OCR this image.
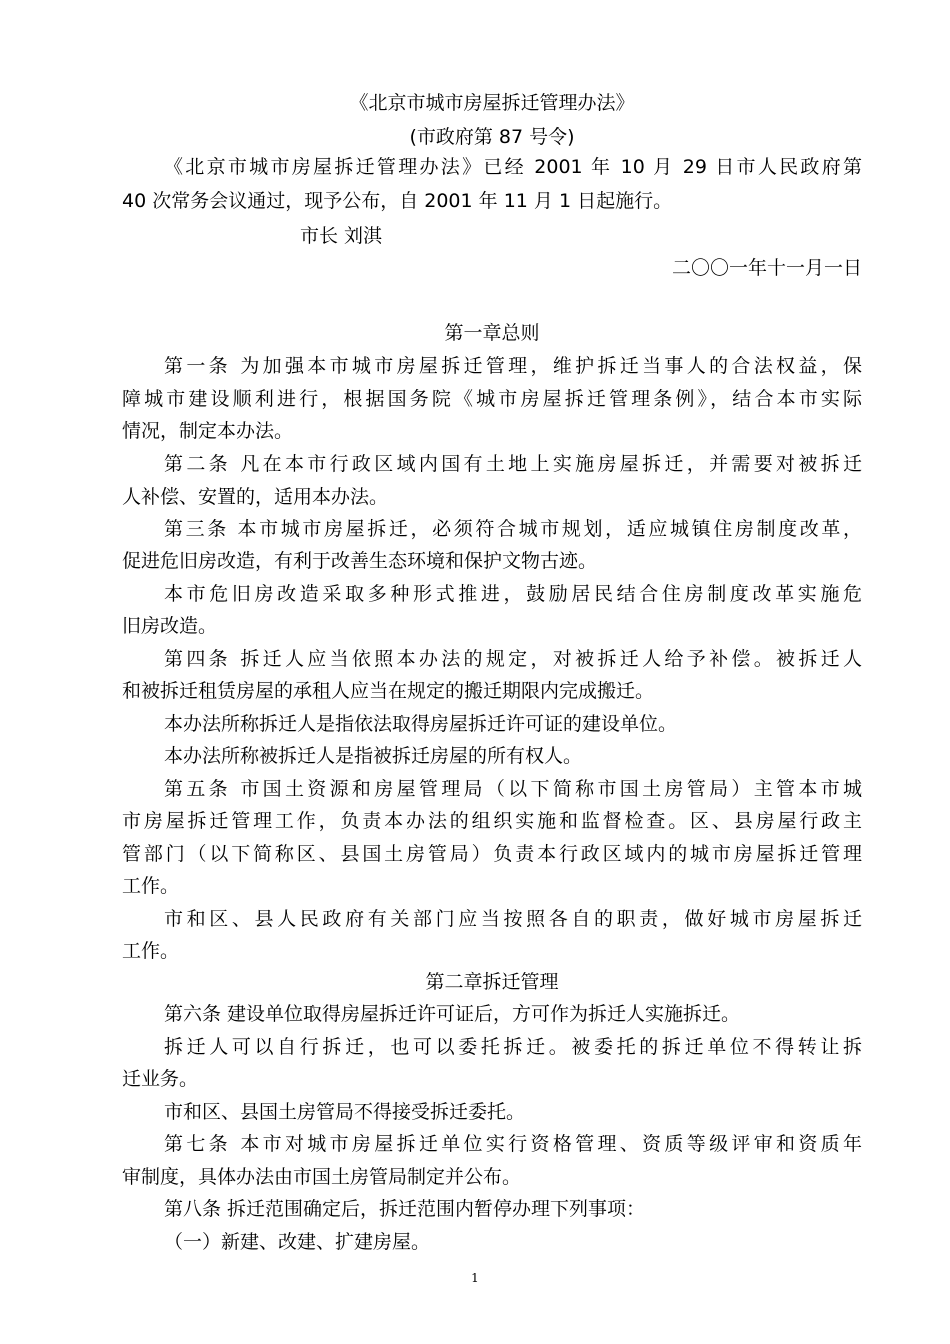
《北京市城市房屋拆迁管理办法》
(市政府第 87 号令)
《北京市城市房屋拆迁管理办法》已经 2001 年 10 月 29 日市人民政府第
40 次常务会议通过，现予公布，自 2001 年 11 月 1 日起施行。
市长 刘淇
二〇〇一年十一月一日
第一章总则
第一条 为加强本市城市房屋拆迁管理，维护拆迁当事人的合法权益，保
障城市建设顺利进行，根据国务院《城市房屋拆迁管理条例》，结合本市实际
情况，制定本办法。
第二条 凡在本市行政区域内国有土地上实施房屋拆迁，并需要对被拆迁
人补偿、安置的，适用本办法。
第三条 本市城市房屋拆迁，必须符合城市规划，适应城镇住房制度改革，
促进危旧房改造，有利于改善生态环境和保护文物古迹。
本市危旧房改造采取多种形式推进，鼓励居民结合住房制度改革实施危
旧房改造。
第四条 拆迁人应当依照本办法的规定，对被拆迁人给予补偿。被拆迁人
和被拆迁租赁房屋的承租人应当在规定的搬迁期限内完成搬迁。
本办法所称拆迁人是指依法取得房屋拆迁许可证的建设单位。
本办法所称被拆迁人是指被拆迁房屋的所有权人。
第五条 市国土资源和房屋管理局（以下简称市国土房管局）主管本市城
市房屋拆迁管理工作，负责本办法的组织实施和监督检查。区、县房屋行政主
管部门（以下简称区、县国土房管局）负责本行政区域内的城市房屋拆迁管理
工作。
市和区、县人民政府有关部门应当按照各自的职责，做好城市房屋拆迁
工作。
第二章拆迁管理
第六条 建设单位取得房屋拆迁许可证后，方可作为拆迁人实施拆迁。
拆迁人可以自行拆迁，也可以委托拆迁。被委托的拆迁单位不得转让拆
迁业务。
市和区、县国土房管局不得接受拆迁委托。
第七条 本市对城市房屋拆迁单位实行资格管理、资质等级评审和资质年
审制度，具体办法由市国土房管局制定并公布。
第八条 拆迁范围确定后，拆迁范围内暂停办理下列事项：
（一）新建、改建、扩建房屋。
1
